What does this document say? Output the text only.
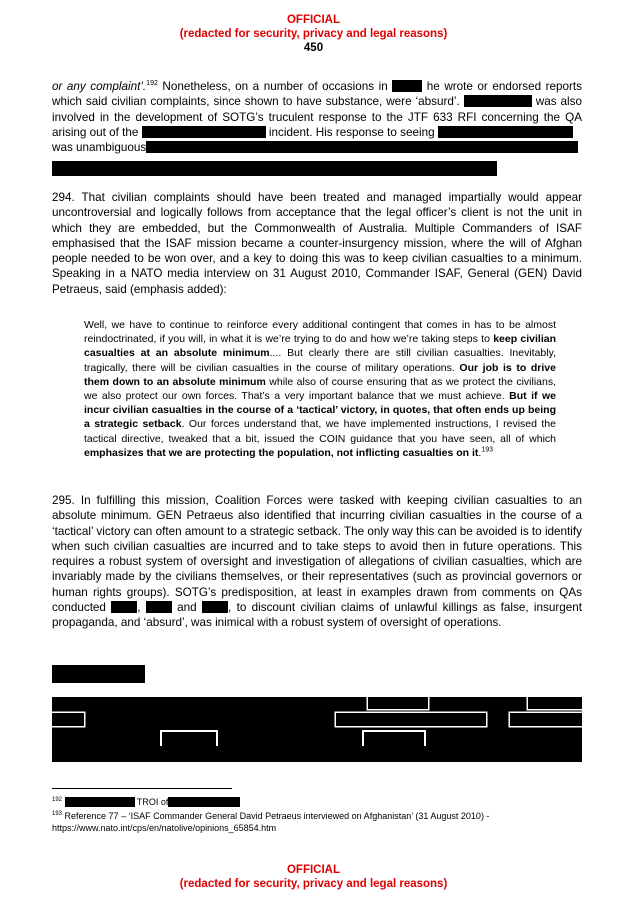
OFFICIAL
(redacted for security, privacy and legal reasons)
450
or any complaint’.$^{192}$ Nonetheless, on a number of occasions in	he wrote or endorsed reports which said civilian complaints, since shown to have substance, were ‘absurd’.	was also involved in the development of SOTG’s truculent response to the JTF 633 RFI concerning the QA arising out of the	incident. His response to seeing
was unambiguous
294. That civilian complaints should have been treated and managed impartially would appear uncontroversial and logically follows from acceptance that the legal officer’s client is not the unit in which they are embedded, but the Commonwealth of Australia. Multiple Commanders of ISAF emphasised that the ISAF mission became a counter-insurgency mission, where the will of Afghan people needed to be won over, and a key to doing this was to keep civilian casualties to a minimum. Speaking in a NATO media interview on 31 August 2010, Commander ISAF, General (GEN) David Petraeus, said (emphasis added):
Well, we have to continue to reinforce every additional contingent that comes in has to be almost reindoctrinated, if you will, in what it is we’re trying to do and how we’re taking steps to keep civilian casualties at an absolute minimum.... But clearly there are still civilian casualties. Inevitably, tragically, there will be civilian casualties in the course of military operations. Our job is to drive them down to an absolute minimum while also of course ensuring that as we protect the civilians, we also protect our own forces. That’s a very important balance that we must achieve. But if we incur civilian casualties in the course of a ‘tactical’ victory, in quotes, that often ends up being a strategic setback. Our forces understand that, we have implemented instructions, I revised the tactical directive, tweaked that a bit, issued the COIN guidance that you have seen, all of which emphasizes that we are protecting the population, not inflicting casualties on it.$^{193}$
295. In fulfilling this mission, Coalition Forces were tasked with keeping civilian casualties to an absolute minimum. GEN Petraeus also identified that incurring civilian casualties in the course of a ‘tactical’ victory can often amount to a strategic setback. The only way this can be avoided is to identify when such civilian casualties are incurred and to take steps to avoid then in future operations. This requires a robust system of oversight and investigation of allegations of civilian casualties, which are invariably made by the civilians themselves, or their representatives (such as provincial governors or human rights groups). SOTG’s predisposition, at least in examples drawn from comments on QAs conducted ,  and , to discount civilian claims of unlawful killings as false, insurgent propaganda, and ‘absurd’, was inimical with a robust system of oversight of operations.
$^{192}$	TROI of
$^{193}$ Reference 77 – ‘ISAF Commander General David Petraeus interviewed on Afghanistan’ (31 August 2010) - https://www.nato.int/cps/en/natolive/opinions_65854.htm
OFFICIAL
(redacted for security, privacy and legal reasons)
